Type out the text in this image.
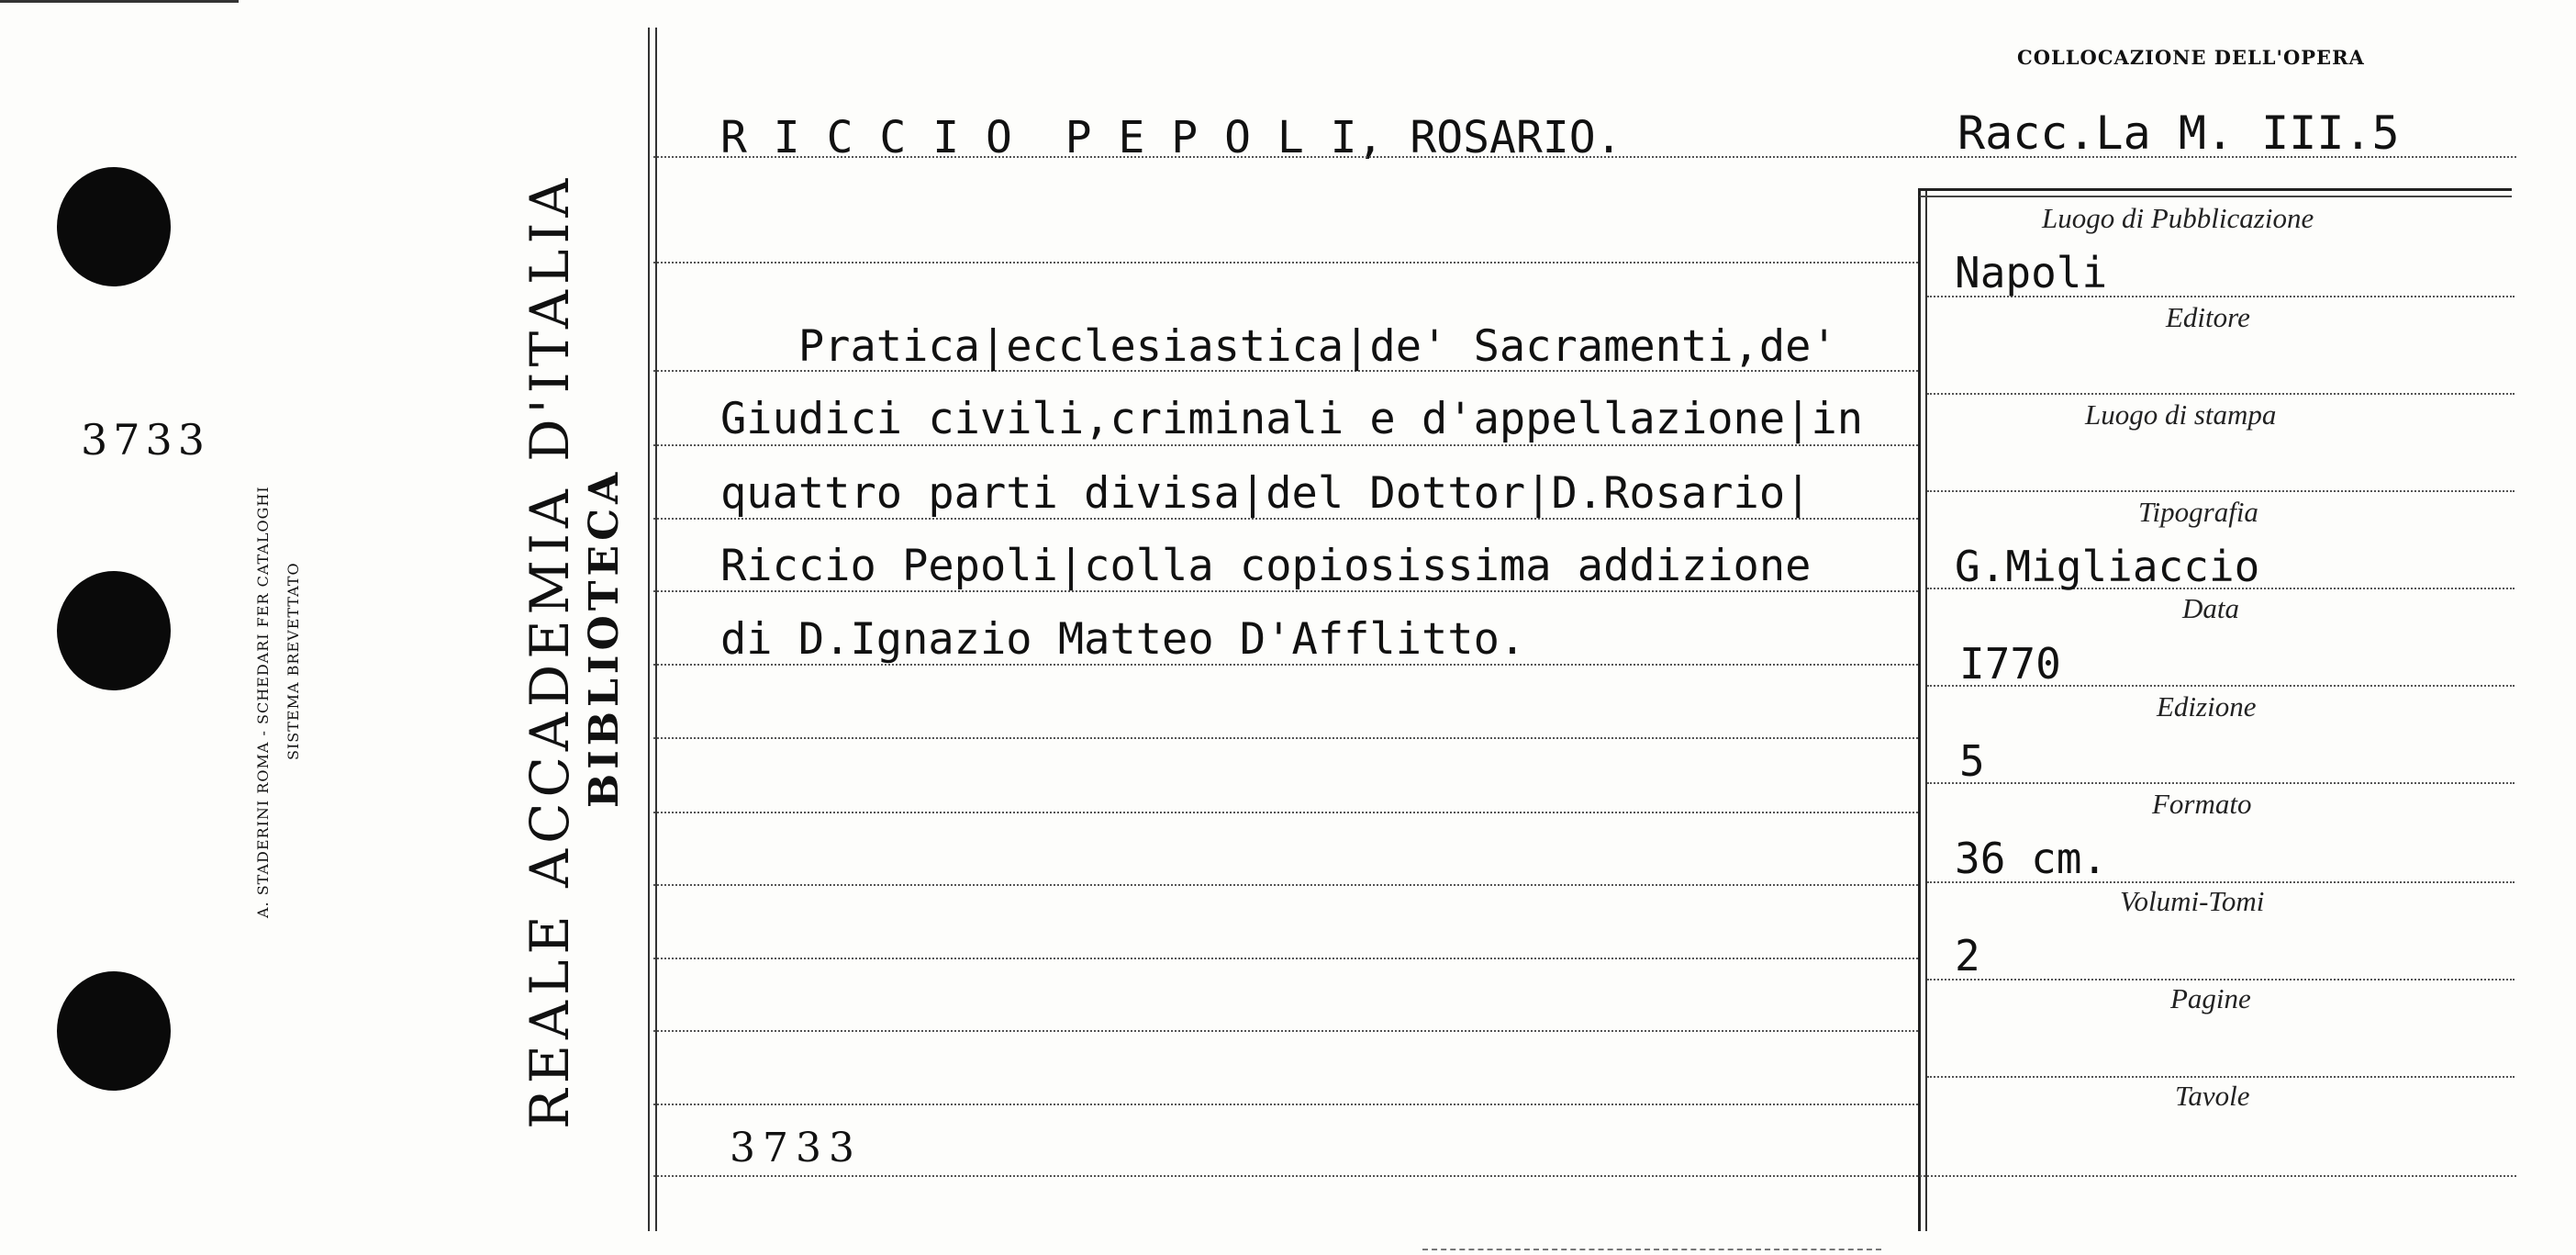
3733
A. STADERINI ROMA - SCHEDARI FER CATALOGHI SISTEMA BREVETTATO	REALE ACCADEMIA D'ITALIA BIBLIOTECA
COLLOCAZIONE DELL'OPERA
R I C C I O  P E P O L I, ROSARIO.	Racc.La M. III.5
Pratica|ecclesiastica|de' Sacramenti,de'
Giudici civili,criminali e d'appellazione|in
quattro parti divisa|del Dottor|D.Rosario|
Riccio Pepoli|colla copiosissima addizione
di D.Ignazio Matteo D'Afflitto.
3733
Luogo di Pubblicazione
Editore
Luogo di stampa
Tipografia
Data
Edizione
Formato
Volumi-Tomi
Pagine
Tavole
Napoli
G.Migliaccio
I770
5
36 cm.
2
